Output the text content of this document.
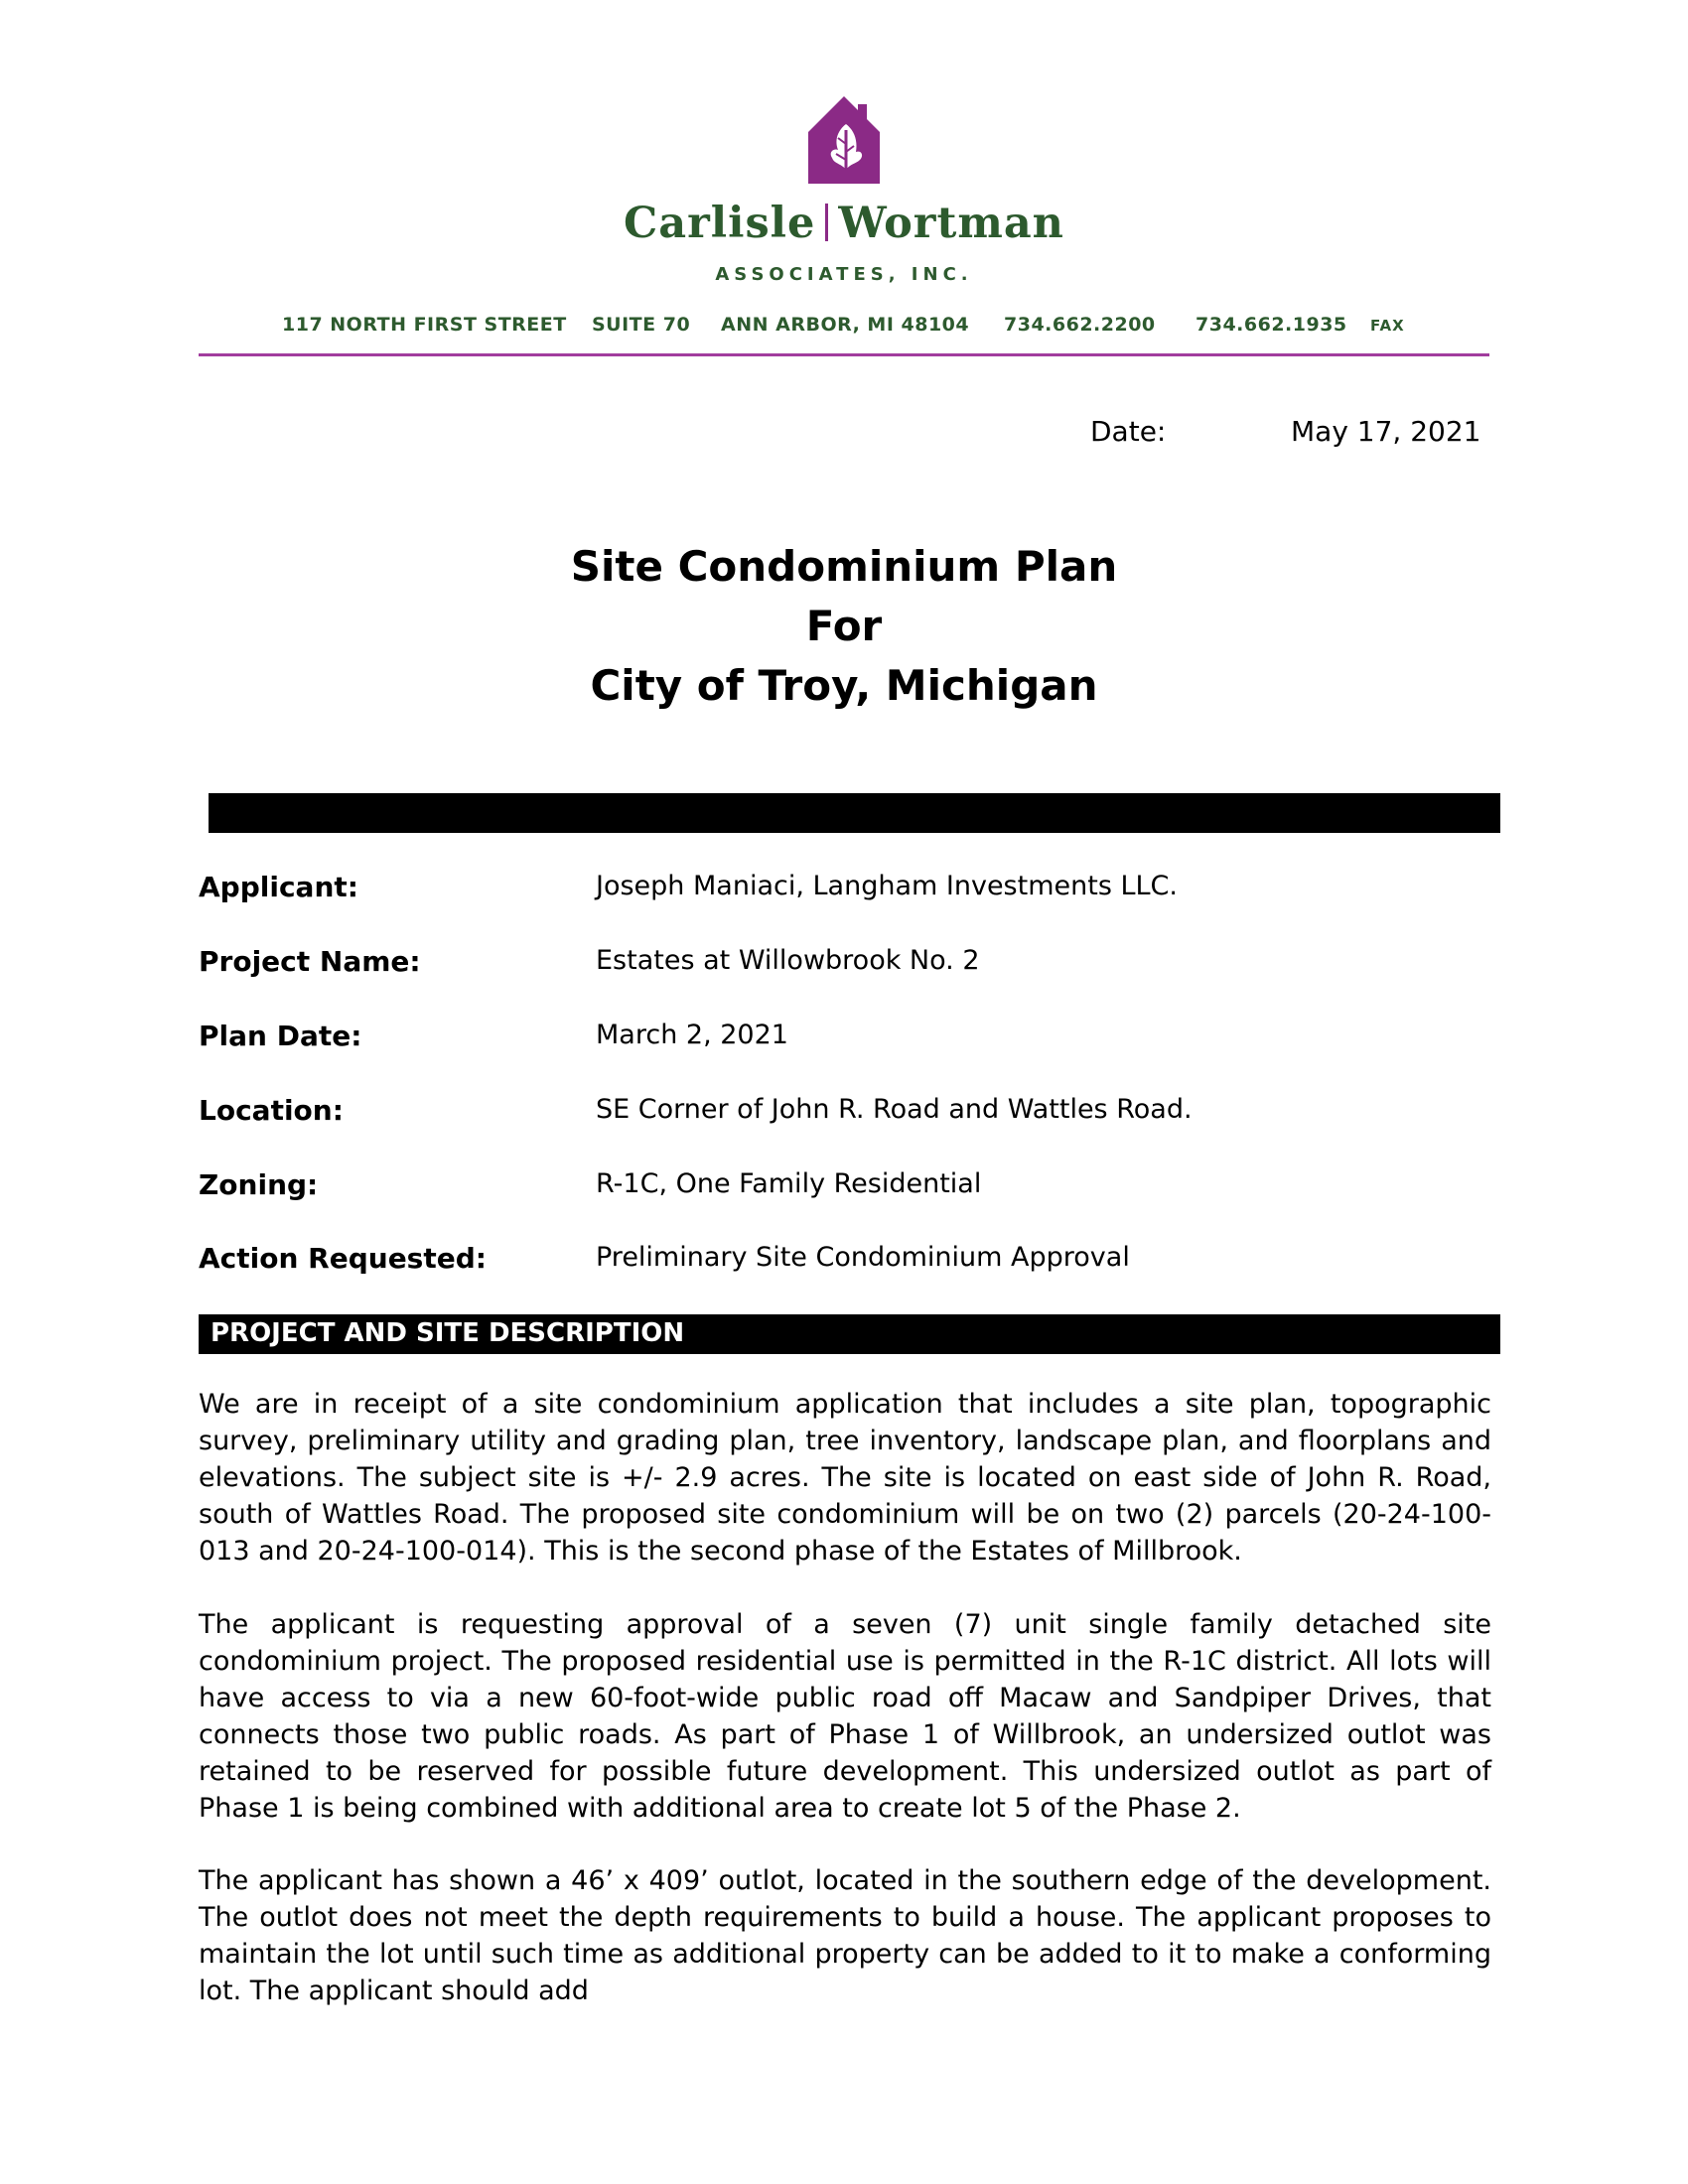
Carlisle Wortman
ASSOCIATES, INC.
117 NORTH FIRST STREET SUITE 70 ANN ARBOR, MI 48104 734.662.2200 734.662.1935 FAX
Date:	May 17, 2021
Site Condominium Plan
For
City of Troy, Michigan
Applicant:	Joseph Maniaci, Langham Investments LLC.
Project Name:	Estates at Willowbrook No. 2
Plan Date:	March 2, 2021
Location:	SE Corner of John R. Road and Wattles Road.
Zoning:	R-1C, One Family Residential
Action Requested:	Preliminary Site Condominium Approval
PROJECT AND SITE DESCRIPTION

We are in receipt of a site condominium application that includes a site plan, topographic survey, preliminary utility and grading plan, tree inventory, landscape plan, and floorplans and elevations. The subject site is +/- 2.9 acres. The site is located on east side of John R. Road, south of Wattles Road. The proposed site condominium will be on two (2) parcels (20-24-100-013 and 20-24-100-014). This is the second phase of the Estates of Millbrook.

The applicant is requesting approval of a seven (7) unit single family detached site condominium project. The proposed residential use is permitted in the R-1C district. All lots will have access to via a new 60-foot-wide public road off Macaw and Sandpiper Drives, that connects those two public roads. As part of Phase 1 of Willbrook, an undersized outlot was retained to be reserved for possible future development. This undersized outlot as part of Phase 1 is being combined with additional area to create lot 5 of the Phase 2.

The applicant has shown a 46’ x 409’ outlot, located in the southern edge of the development. The outlot does not meet the depth requirements to build a house. The applicant proposes to maintain the lot until such time as additional property can be added to it to make a conforming lot. The applicant should add
